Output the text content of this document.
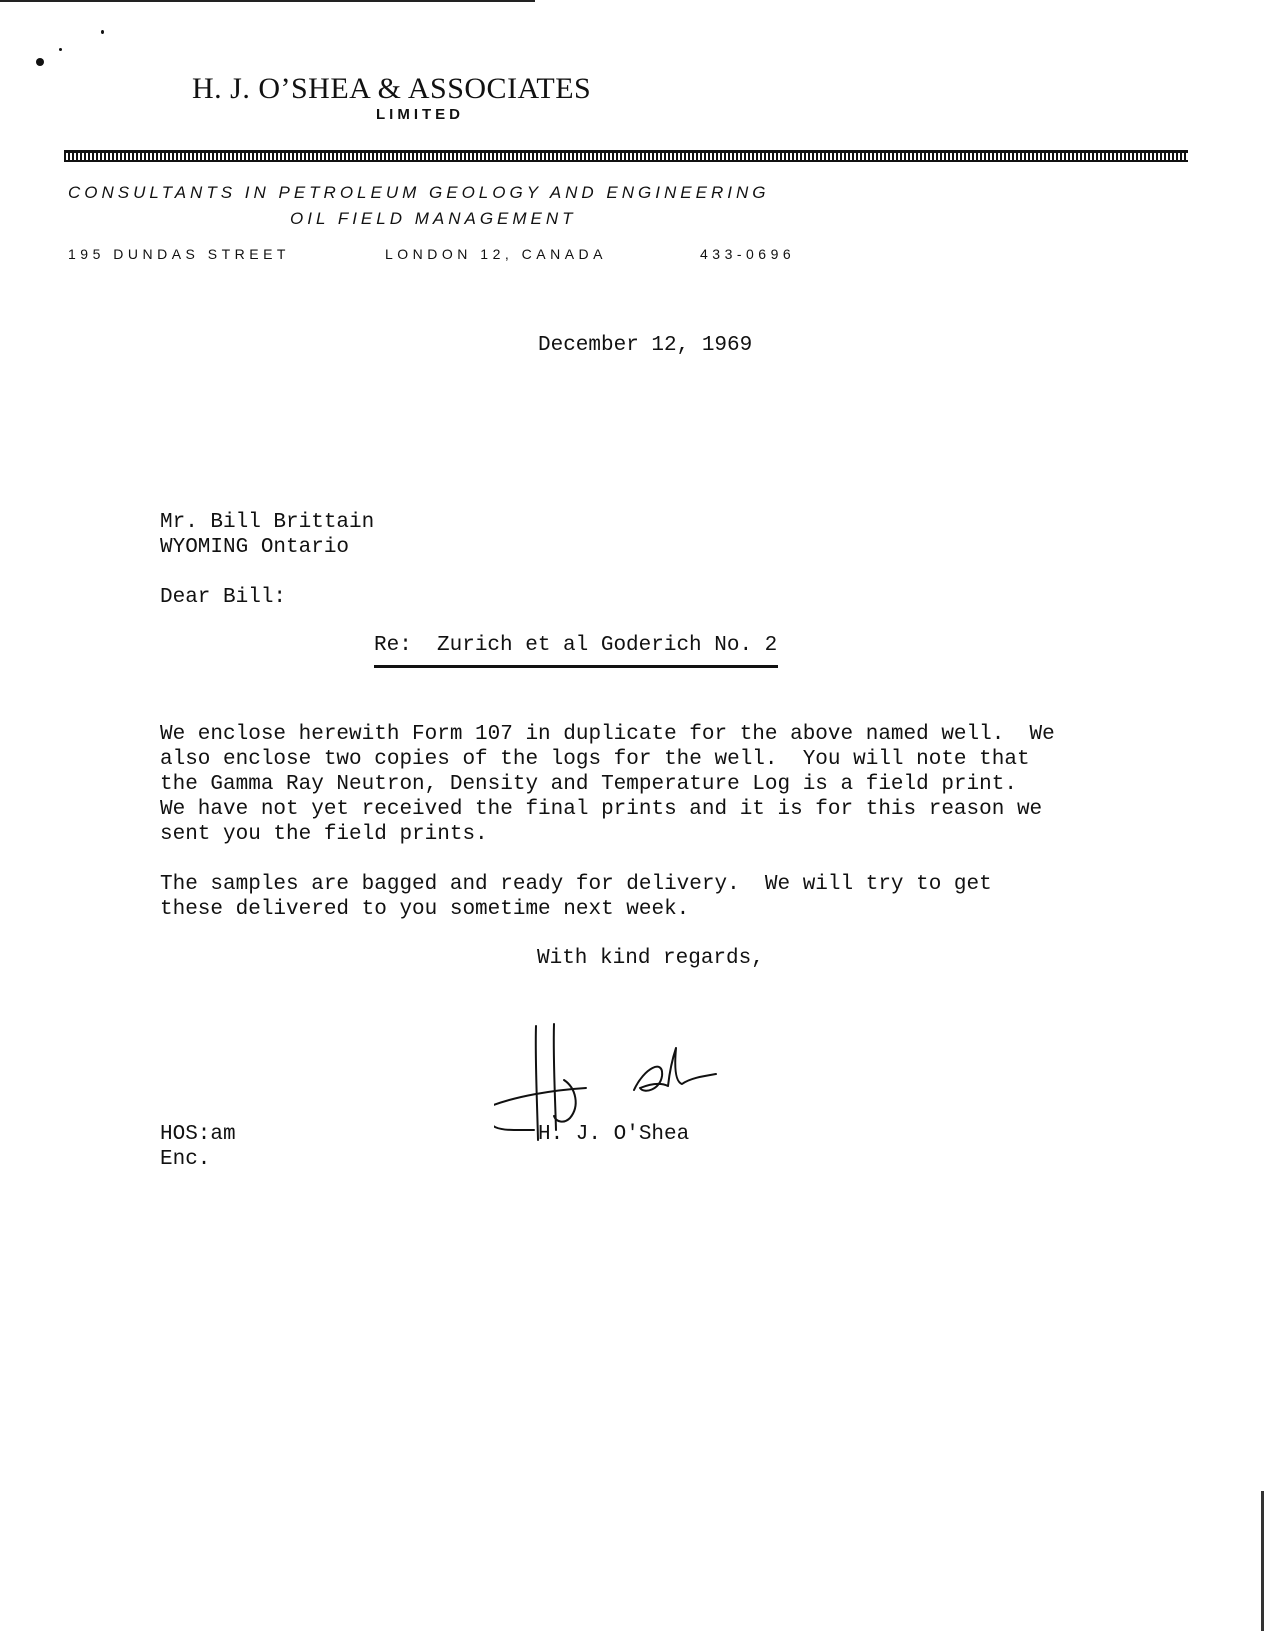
H. J. O’SHEA & ASSOCIATES
LIMITED
CONSULTANTS IN PETROLEUM GEOLOGY AND ENGINEERING
OIL FIELD MANAGEMENT
195 DUNDAS STREET	LONDON 12, CANADA	433-0696
December 12, 1969
Mr. Bill Brittain
WYOMING Ontario
Dear Bill:
Re:  Zurich et al Goderich No. 2
We enclose herewith Form 107 in duplicate for the above named well.  We
also enclose two copies of the logs for the well.  You will note that
the Gamma Ray Neutron, Density and Temperature Log is a field print.
We have not yet received the final prints and it is for this reason we
sent you the field prints.
The samples are bagged and ready for delivery.  We will try to get
these delivered to you sometime next week.
With kind regards,
H. J. O'Shea
HOS:am
Enc.
